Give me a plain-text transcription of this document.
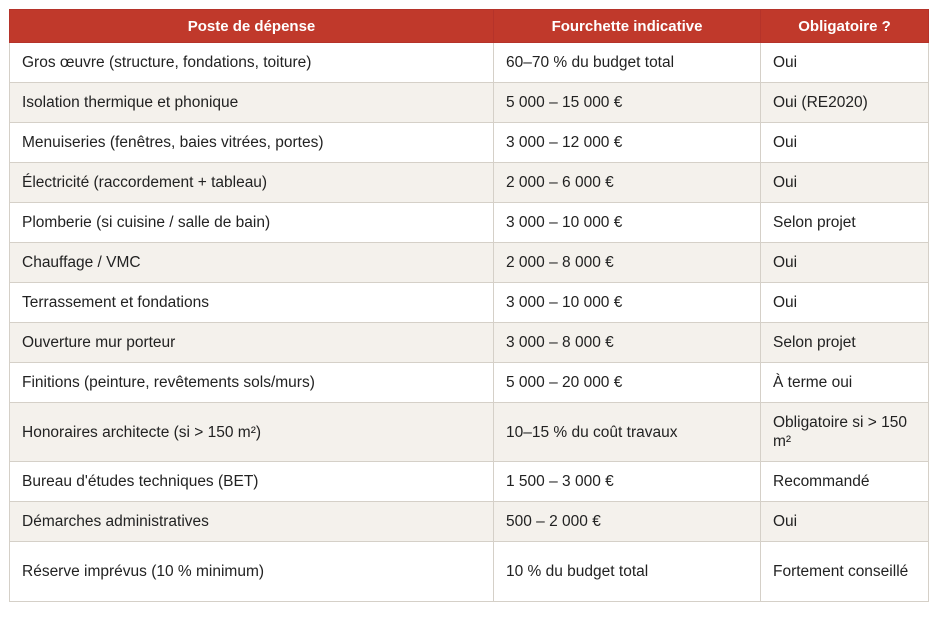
Poste de dépense	Fourchette indicative	Obligatoire ?
Gros œuvre (structure, fondations, toiture)	60–70 % du budget total	Oui
Isolation thermique et phonique	5 000 – 15 000 €	Oui (RE2020)
Menuiseries (fenêtres, baies vitrées, portes)	3 000 – 12 000 €	Oui
Électricité (raccordement + tableau)	2 000 – 6 000 €	Oui
Plomberie (si cuisine / salle de bain)	3 000 – 10 000 €	Selon projet
Chauffage / VMC	2 000 – 8 000 €	Oui
Terrassement et fondations	3 000 – 10 000 €	Oui
Ouverture mur porteur	3 000 – 8 000 €	Selon projet
Finitions (peinture, revêtements sols/murs)	5 000 – 20 000 €	À terme oui
Honoraires architecte (si > 150 m²)	10–15 % du coût travaux	Obligatoire si > 150 m²
Bureau d'études techniques (BET)	1 500 – 3 000 €	Recommandé
Démarches administratives	500 – 2 000 €	Oui
Réserve imprévus (10 % minimum)	10 % du budget total	Fortement conseillé
